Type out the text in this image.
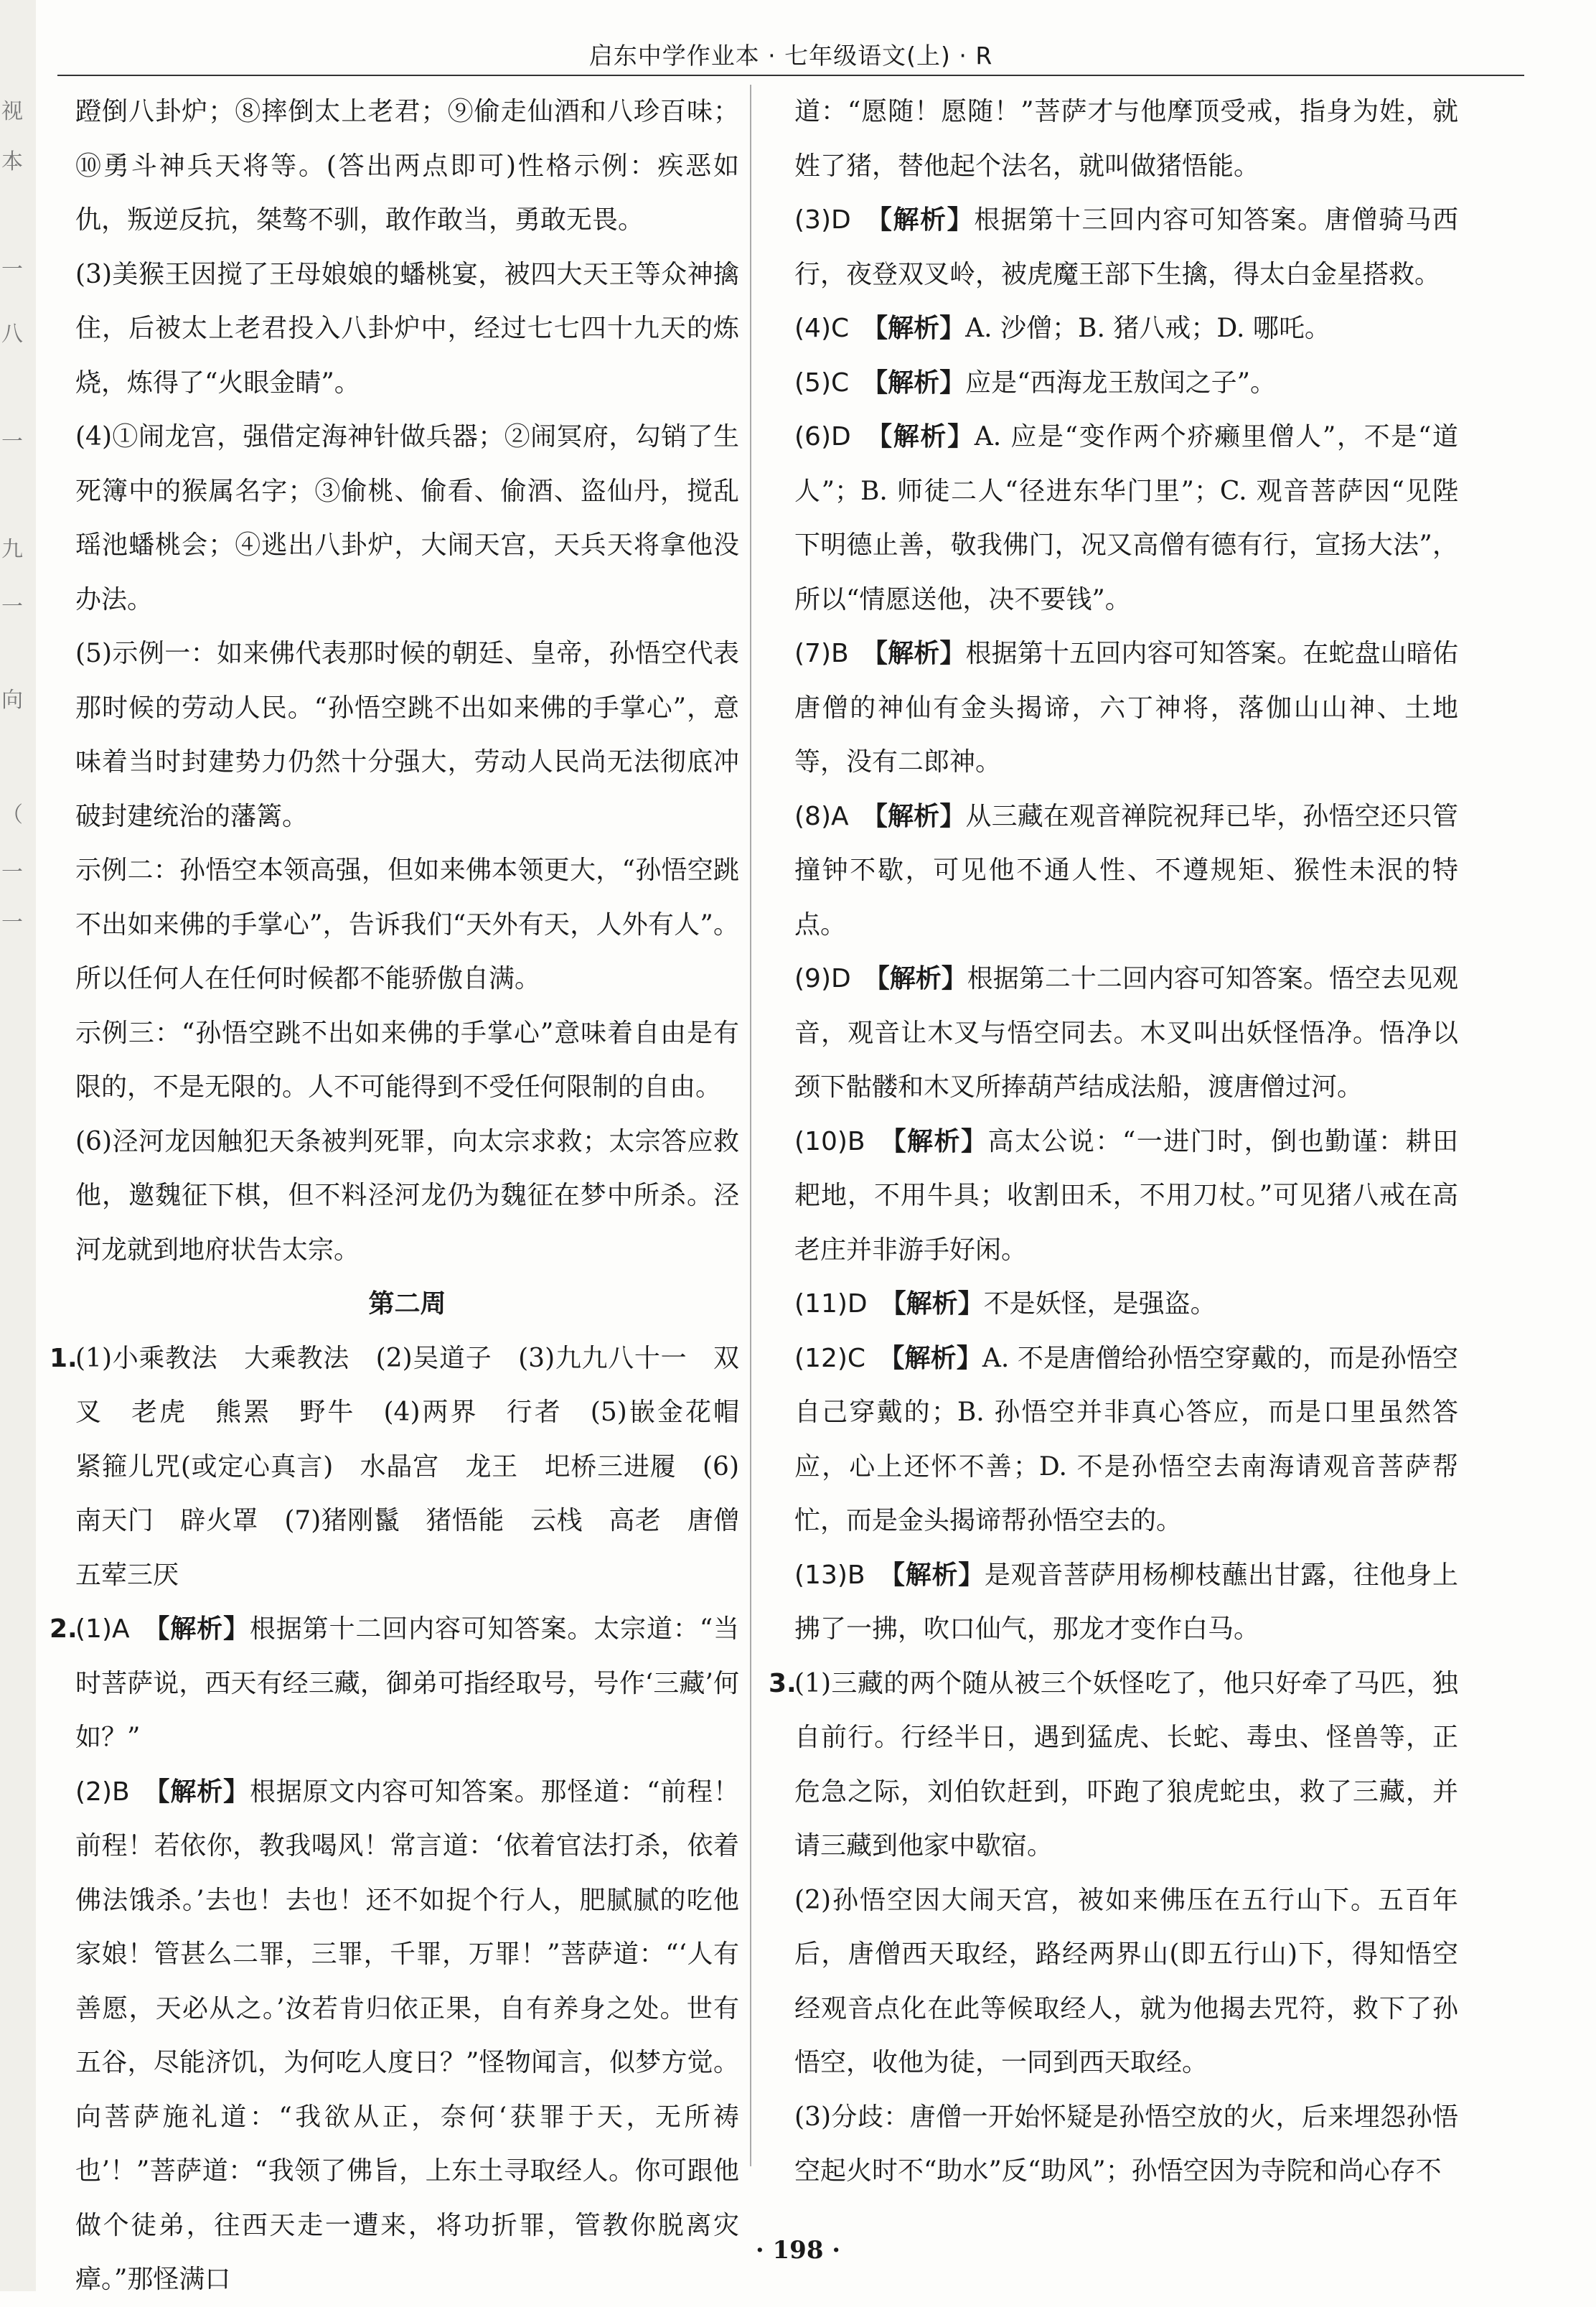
视
本
一
八
一
九
一
向
（
一
一
启东中学作业本 · 七年级语文(上) · R

蹬倒八卦炉；⑧摔倒太上老君；⑨偷走仙酒和八珍百味；⑩勇斗神兵天将等。(答出两点即可)性格示例：疾恶如仇，叛逆反抗，桀骜不驯，敢作敢当，勇敢无畏。

(3)美猴王因搅了王母娘娘的蟠桃宴，被四大天王等众神擒住，后被太上老君投入八卦炉中，经过七七四十九天的炼烧，炼得了“火眼金睛”。

(4)①闹龙宫，强借定海神针做兵器；②闹冥府，勾销了生死簿中的猴属名字；③偷桃、偷看、偷酒、盗仙丹，搅乱瑶池蟠桃会；④逃出八卦炉，大闹天宫，天兵天将拿他没办法。

(5)示例一：如来佛代表那时候的朝廷、皇帝，孙悟空代表那时候的劳动人民。“孙悟空跳不出如来佛的手掌心”，意味着当时封建势力仍然十分强大，劳动人民尚无法彻底冲破封建统治的藩篱。

示例二：孙悟空本领高强，但如来佛本领更大，“孙悟空跳不出如来佛的手掌心”，告诉我们“天外有天，人外有人”。所以任何人在任何时候都不能骄傲自满。

示例三：“孙悟空跳不出如来佛的手掌心”意味着自由是有限的，不是无限的。人不可能得到不受任何限制的自由。

(6)泾河龙因触犯天条被判死罪，向太宗求救；太宗答应救他，邀魏征下棋，但不料泾河龙仍为魏征在梦中所杀。泾河龙就到地府状告太宗。

第二周

1.(1)小乘教法　大乘教法　(2)吴道子　(3)九九八十一　双叉　老虎　熊罴　野牛　(4)两界　行者　(5)嵌金花帽　紧箍儿咒(或定心真言)　水晶宫　龙王　圯桥三进履　(6)南天门　辟火罩　(7)猪刚鬣　猪悟能　云栈　高老　唐僧　五荤三厌

2.(1)A　 【解析】根据第十二回内容可知答案。太宗道：“当时菩萨说，西天有经三藏，御弟可指经取号，号作‘三藏’何如？”

(2)B　 【解析】根据原文内容可知答案。那怪道：“前程！前程！若依你，教我喝风！常言道：‘依着官法打杀，依着佛法饿杀。’去也！去也！还不如捉个行人，肥腻腻的吃他家娘！管甚么二罪，三罪，千罪，万罪！”菩萨道：“‘人有善愿，天必从之。’汝若肯归依正果，自有养身之处。世有五谷，尽能济饥，为何吃人度日？”怪物闻言，似梦方觉。向菩萨施礼道：“我欲从正，奈何‘获罪于天，无所祷也’！”菩萨道：“我领了佛旨，上东土寻取经人。你可跟他做个徒弟，往西天走一遭来，将功折罪，管教你脱离灾瘴。”那怪满口

道：“愿随！愿随！”菩萨才与他摩顶受戒，指身为姓，就姓了猪，替他起个法名，就叫做猪悟能。

(3)D　 【解析】根据第十三回内容可知答案。唐僧骑马西行，夜登双叉岭，被虎魔王部下生擒，得太白金星搭救。

(4)C　 【解析】A. 沙僧；B. 猪八戒；D. 哪吒。

(5)C　 【解析】应是“西海龙王敖闰之子”。

(6)D　 【解析】A. 应是“变作两个疥癞里僧人”，不是“道人”；B. 师徒二人“径进东华门里”；C. 观音菩萨因“见陛下明德止善，敬我佛门，况又高僧有德有行，宣扬大法”，所以“情愿送他，决不要钱”。

(7)B　 【解析】根据第十五回内容可知答案。在蛇盘山暗佑唐僧的神仙有金头揭谛，六丁神将，落伽山山神、土地等，没有二郎神。

(8)A　 【解析】从三藏在观音禅院祝拜已毕，孙悟空还只管撞钟不歇，可见他不通人性、不遵规矩、猴性未泯的特点。

(9)D　 【解析】根据第二十二回内容可知答案。悟空去见观音，观音让木叉与悟空同去。木叉叫出妖怪悟净。悟净以颈下骷髅和木叉所捧葫芦结成法船，渡唐僧过河。

(10)B　 【解析】高太公说：“一进门时，倒也勤谨：耕田耙地，不用牛具；收割田禾，不用刀杖。”可见猪八戒在高老庄并非游手好闲。

(11)D　 【解析】不是妖怪，是强盗。

(12)C　 【解析】A. 不是唐僧给孙悟空穿戴的，而是孙悟空自己穿戴的；B. 孙悟空并非真心答应，而是口里虽然答应，心上还怀不善；D. 不是孙悟空去南海请观音菩萨帮忙，而是金头揭谛帮孙悟空去的。

(13)B　 【解析】是观音菩萨用杨柳枝蘸出甘露，往他身上拂了一拂，吹口仙气，那龙才变作白马。

3.(1)三藏的两个随从被三个妖怪吃了，他只好牵了马匹，独自前行。行经半日，遇到猛虎、长蛇、毒虫、怪兽等，正危急之际，刘伯钦赶到，吓跑了狼虎蛇虫，救了三藏，并请三藏到他家中歇宿。

(2)孙悟空因大闹天宫，被如来佛压在五行山下。五百年后，唐僧西天取经，路经两界山(即五行山)下，得知悟空经观音点化在此等候取经人，就为他揭去咒符，救下了孙悟空，收他为徒，一同到西天取经。

(3)分歧：唐僧一开始怀疑是孙悟空放的火，后来埋怨孙悟空起火时不“助水”反“助风”；孙悟空因为寺院和尚心存不

· 198 ·
